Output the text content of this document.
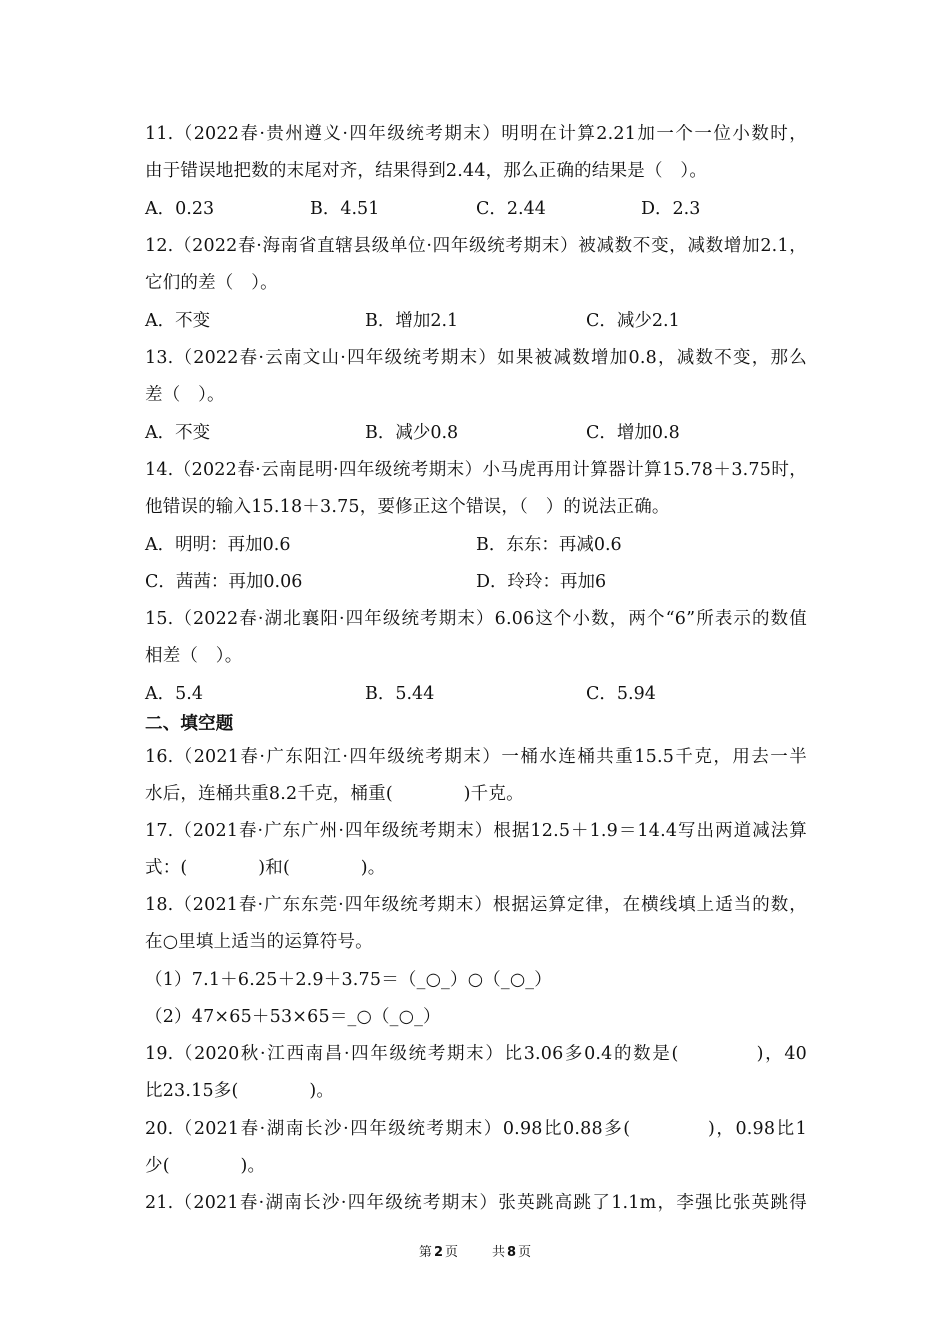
11.（2022春·贵州遵义·四年级统考期末）明明在计算2.21加一个一位小数时，
由于错误地把数的末尾对齐，结果得到2.44，那么正确的结果是（　）。
A．0.23	B．4.51	C．2.44	D．2.3
12.（2022春·海南省直辖县级单位·四年级统考期末）被减数不变，减数增加2.1，
它们的差（　）。
A．不变	B．增加2.1	C．减少2.1
13.（2022春·云南文山·四年级统考期末）如果被减数增加0.8，减数不变，那么
差（　）。
A．不变	B．减少0.8	C．增加0.8
14.（2022春·云南昆明·四年级统考期末）小马虎再用计算器计算15.78＋3.75时，
他错误的输入15.18＋3.75，要修正这个错误，（　）的说法正确。
A．明明：再加0.6	B．东东：再减0.6
C．茜茜：再加0.06	D．玲玲：再加6
15.（2022春·湖北襄阳·四年级统考期末）6.06这个小数，两个“6”所表示的数值
相差（　）。
A．5.4	B．5.44	C．5.94
二、填空题
16.（2021春·广东阳江·四年级统考期末）一桶水连桶共重15.5千克，用去一半
水后，连桶共重8.2千克，桶重(　　　　)千克。
17.（2021春·广东广州·四年级统考期末）根据12.5＋1.9＝14.4写出两道减法算
式：(　　　　)和(　　　　)。
18.（2021春·广东东莞·四年级统考期末）根据运算定律，在横线填上适当的数，
在○里填上适当的运算符号。
（1）7.1＋6.25＋2.9＋3.75＝（_○_）○（_○_）
（2）47×65＋53×65＝_○（_○_）
19.（2020秋·江西南昌·四年级统考期末）比3.06多0.4的数是(　　　　)，40
比23.15多(　　　　)。
20.（2021春·湖南长沙·四年级统考期末）0.98比0.88多(　　　　)，0.98比1
少(　　　　)。
21.（2021春·湖南长沙·四年级统考期末）张英跳高跳了1.1m，李强比张英跳得
第 2 页	共 8 页
